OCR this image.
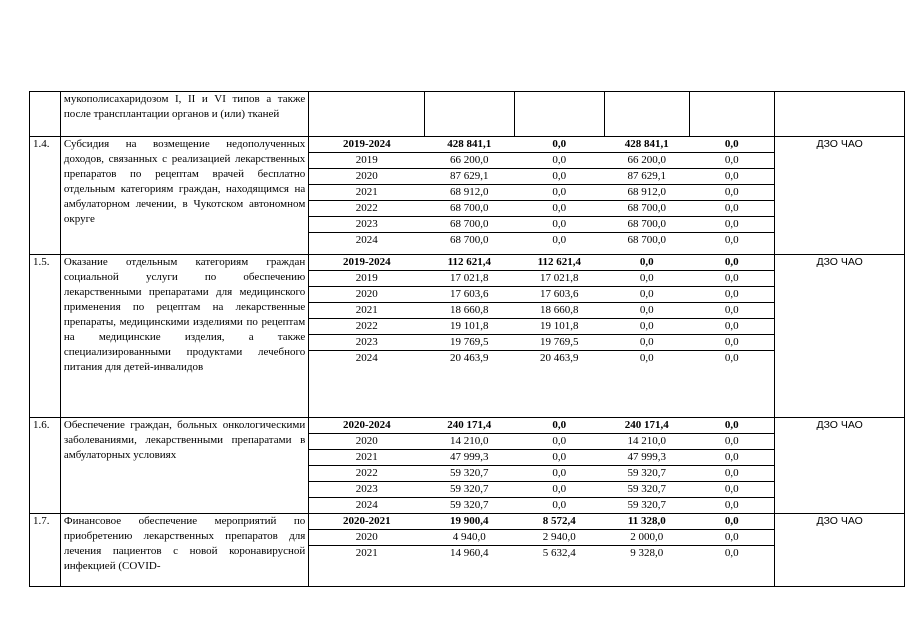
	мукополисахаридозом I, II и VI типов а также после трансплантации органов и (или) тканей						
1.4.	Субсидия на возмещение недополученных доходов, связанных с реализацией лекарственных препаратов по рецептам врачей бесплатно отдельным категориям граждан, находящимся на амбулаторном лечении, в Чукотском автономном округе	
2019-2024	428 841,1	0,0	428 841,1	0,0
2019	66 200,0	0,0	66 200,0	0,0
2020	87 629,1	0,0	87 629,1	0,0
2021	68 912,0	0,0	68 912,0	0,0
2022	68 700,0	0,0	68 700,0	0,0
2023	68 700,0	0,0	68 700,0	0,0
2024	68 700,0	0,0	68 700,0	0,0
	ДЗО ЧАО
1.5.	Оказание отдельным категориям граждан социальной услуги по обеспечению лекарственными препаратами для медицинского применения по рецептам на лекарственные препараты, медицинскими изделиями по рецептам на медицинские изделия, а также специализированными продуктами лечебного питания для детей-инвалидов	
2019-2024	112 621,4	112 621,4	0,0	0,0
2019	17 021,8	17 021,8	0,0	0,0
2020	17 603,6	17 603,6	0,0	0,0
2021	18 660,8	18 660,8	0,0	0,0
2022	19 101,8	19 101,8	0,0	0,0
2023	19 769,5	19 769,5	0,0	0,0
2024	20 463,9	20 463,9	0,0	0,0
	ДЗО ЧАО
1.6.	Обеспечение граждан, больных онкологическими заболеваниями, лекарственными препаратами в амбулаторных условиях	
2020-2024	240 171,4	0,0	240 171,4	0,0
2020	14 210,0	0,0	14 210,0	0,0
2021	47 999,3	0,0	47 999,3	0,0
2022	59 320,7	0,0	59 320,7	0,0
2023	59 320,7	0,0	59 320,7	0,0
2024	59 320,7	0,0	59 320,7	0,0
	ДЗО ЧАО
1.7.	Финансовое обеспечение мероприятий по приобретению лекарственных препаратов для лечения пациентов с новой коронавирусной инфекцией (COVID-	
2020-2021	19 900,4	8 572,4	11 328,0	0,0
2020	4 940,0	2 940,0	2 000,0	0,0
2021	14 960,4	5 632,4	9 328,0	0,0
	ДЗО ЧАО
